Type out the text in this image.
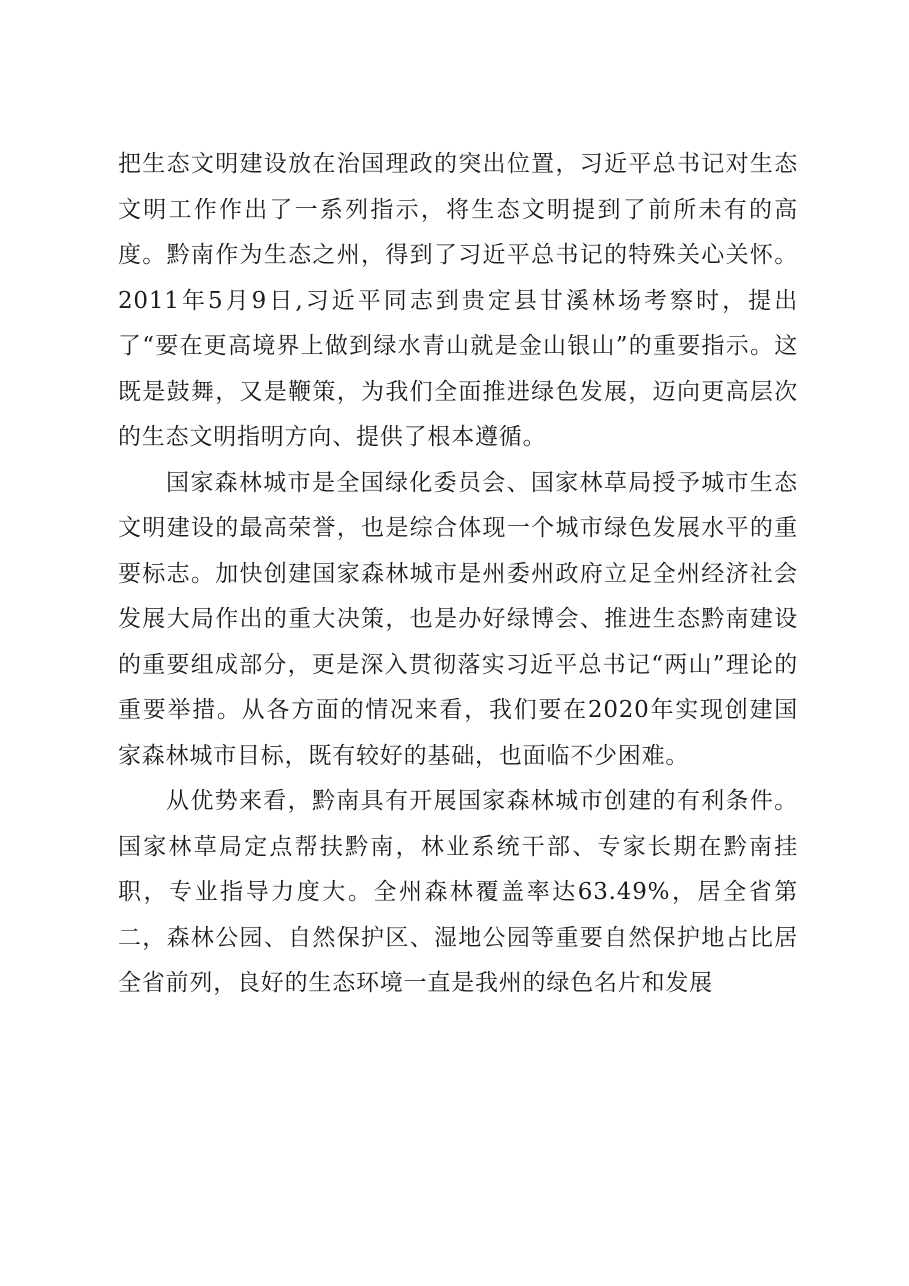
把生态文明建设放在治国理政的突出位置，习近平总书记对生态文明工作作出了一系列指示，将生态文明提到了前所未有的高度。黔南作为生态之州，得到了习近平总书记的特殊关心关怀。2011年5月9日,习近平同志到贵定县甘溪林场考察时，提出了“要在更高境界上做到绿水青山就是金山银山”的重要指示。这既是鼓舞，又是鞭策，为我们全面推进绿色发展，迈向更高层次的生态文明指明方向、提供了根本遵循。

国家森林城市是全国绿化委员会、国家林草局授予城市生态文明建设的最高荣誉，也是综合体现一个城市绿色发展水平的重要标志。加快创建国家森林城市是州委州政府立足全州经济社会发展大局作出的重大决策，也是办好绿博会、推进生态黔南建设的重要组成部分，更是深入贯彻落实习近平总书记“两山”理论的重要举措。从各方面的情况来看，我们要在2020年实现创建国家森林城市目标，既有较好的基础，也面临不少困难。

从优势来看，黔南具有开展国家森林城市创建的有利条件。国家林草局定点帮扶黔南，林业系统干部、专家长期在黔南挂职，专业指导力度大。全州森林覆盖率达63.49%，居全省第二，森林公园、自然保护区、湿地公园等重要自然保护地占比居全省前列，良好的生态环境一直是我州的绿色名片和发展
